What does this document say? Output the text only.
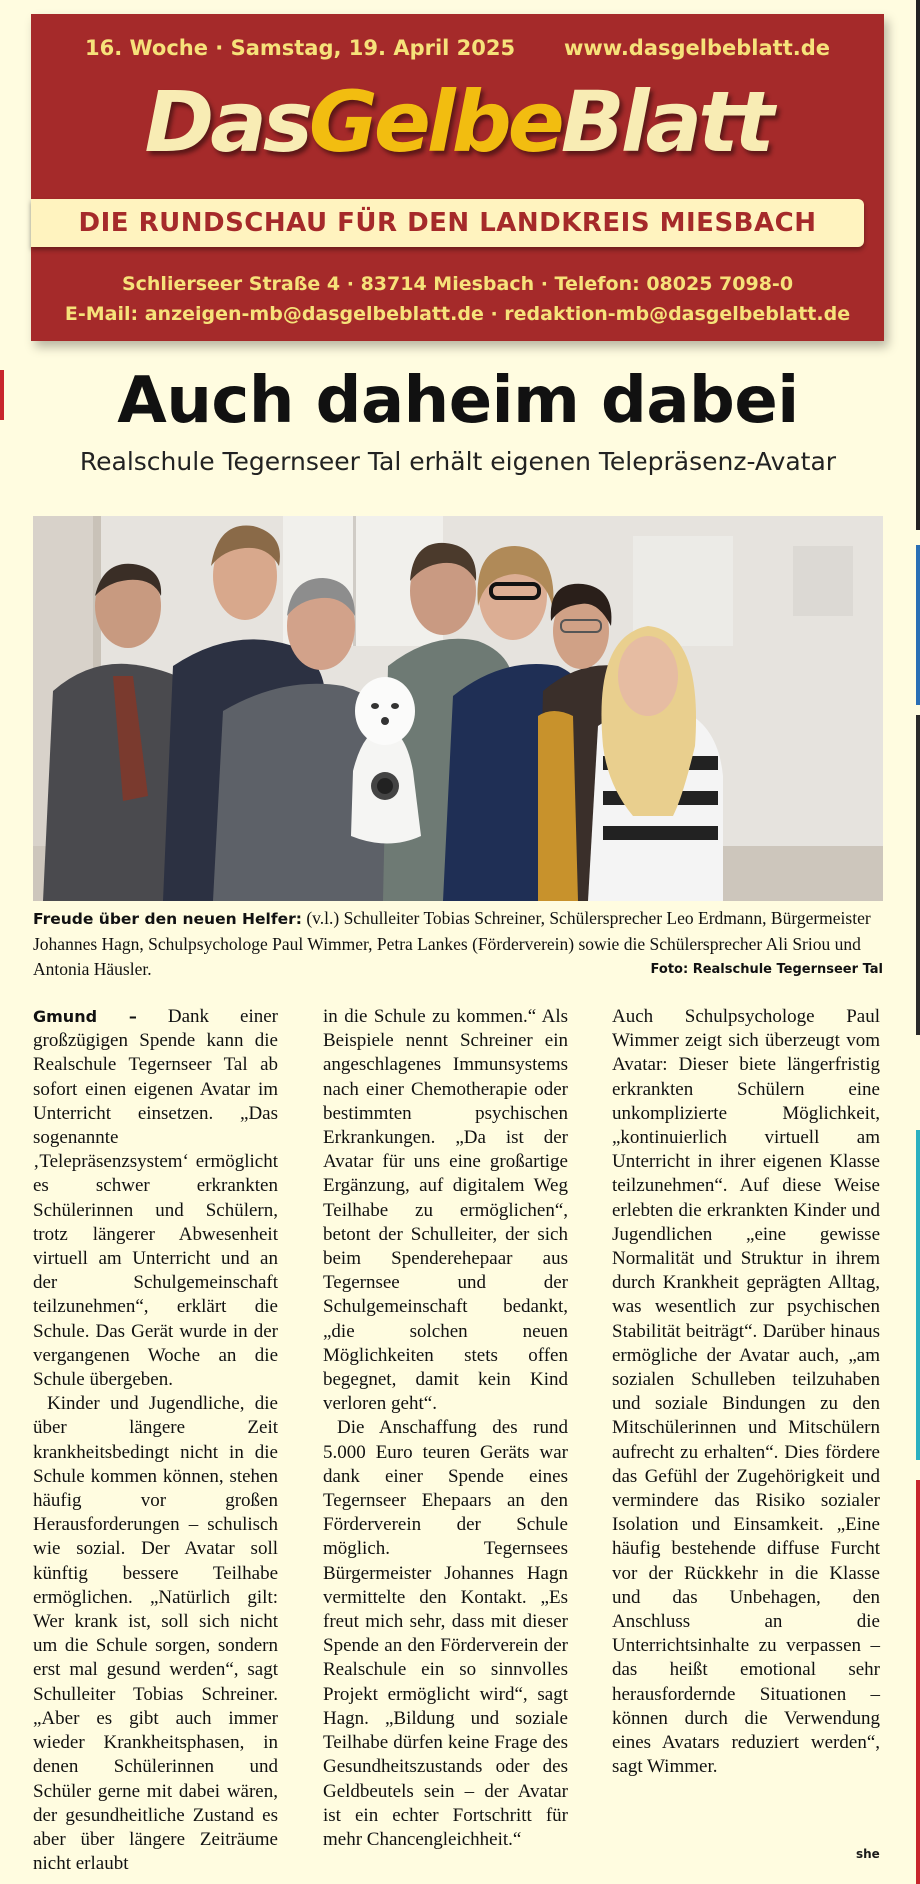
16. Woche · Samstag, 19. April 2025 www.dasgelbeblatt.de
DasGelbeBlatt
DIE RUNDSCHAU FÜR DEN LANDKREIS MIESBACH
Schlierseer Straße 4 · 83714 Miesbach · Telefon: 08025 7098-0
E-Mail: anzeigen-mb@dasgelbeblatt.de · redaktion-mb@dasgelbeblatt.de
Auch daheim dabei
Realschule Tegernseer Tal erhält eigenen Telepräsenz-Avatar
Freude über den neuen Helfer: (v.l.) Schulleiter Tobias Schreiner, Schülersprecher Leo Erdmann, Bürgermeister Johannes Hagn, Schulpsychologe Paul Wimmer, Petra Lankes (Förderverein) sowie die Schülersprecher Ali Sriou und Antonia Häusler.	Foto: Realschule Tegernseer Tal

Gmund – Dank einer großzügigen Spende kann die Realschule Tegernseer Tal ab sofort einen eigenen Avatar im Unterricht einsetzen. „Das sogenannte ‚Telepräsenzsystem‘ ermöglicht es schwer erkrankten Schülerinnen und Schülern, trotz längerer Abwesenheit virtuell am Unterricht und an der Schulgemeinschaft teilzunehmen“, erklärt die Schule. Das Gerät wurde in der vergangenen Woche an die Schule übergeben.

Kinder und Jugendliche, die über längere Zeit krankheitsbedingt nicht in die Schule kommen können, stehen häufig vor großen Herausforderungen – schulisch wie sozial. Der Avatar soll künftig bessere Teilhabe ermöglichen. „Natürlich gilt: Wer krank ist, soll sich nicht um die Schule sorgen, sondern erst mal gesund werden“, sagt Schulleiter Tobias Schreiner. „Aber es gibt auch immer wieder Krankheitsphasen, in denen Schülerinnen und Schüler gerne mit dabei wären, der gesundheitliche Zustand es aber über längere Zeiträume nicht erlaubt

in die Schule zu kommen.“ Als Beispiele nennt Schreiner ein angeschlagenes Immunsystems nach einer Chemotherapie oder bestimmten psychischen Erkrankungen. „Da ist der Avatar für uns eine großartige Ergänzung, auf digitalem Weg Teilhabe zu ermöglichen“, betont der Schulleiter, der sich beim Spenderehepaar aus Tegernsee und der Schulgemeinschaft bedankt, „die solchen neuen Möglichkeiten stets offen begegnet, damit kein Kind verloren geht“.

Die Anschaffung des rund 5.000 Euro teuren Geräts war dank einer Spende eines Tegernseer Ehepaars an den Förderverein der Schule möglich. Tegernsees Bürgermeister Johannes Hagn vermittelte den Kontakt. „Es freut mich sehr, dass mit dieser Spende an den Förderverein der Realschule ein so sinnvolles Projekt ermöglicht wird“, sagt Hagn. „Bildung und soziale Teilhabe dürfen keine Frage des Gesundheitszustands oder des Geldbeutels sein – der Avatar ist ein echter Fortschritt für mehr Chancengleichheit.“

Auch Schulpsychologe Paul Wimmer zeigt sich überzeugt vom Avatar: Dieser biete längerfristig erkrankten Schülern eine unkomplizierte Möglichkeit, „kontinuierlich virtuell am Unterricht in ihrer eigenen Klasse teilzunehmen“. Auf diese Weise erlebten die erkrankten Kinder und Jugendlichen „eine gewisse Normalität und Struktur in ihrem durch Krankheit geprägten Alltag, was wesentlich zur psychischen Stabilität beiträgt“. Darüber hinaus ermögliche der Avatar auch, „am sozialen Schulleben teilzuhaben und soziale Bindungen zu den Mitschülerinnen und Mitschülern aufrecht zu erhalten“. Dies fördere das Gefühl der Zugehörigkeit und vermindere das Risiko sozialer Isolation und Einsamkeit. „Eine häufig bestehende diffuse Furcht vor der Rückkehr in die Klasse und das Unbehagen, den Anschluss an die Unterrichtsinhalte zu verpassen – das heißt emotional sehr herausfordernde Situationen – können durch die Verwendung eines Avatars reduziert werden“, sagt Wimmer.

she
